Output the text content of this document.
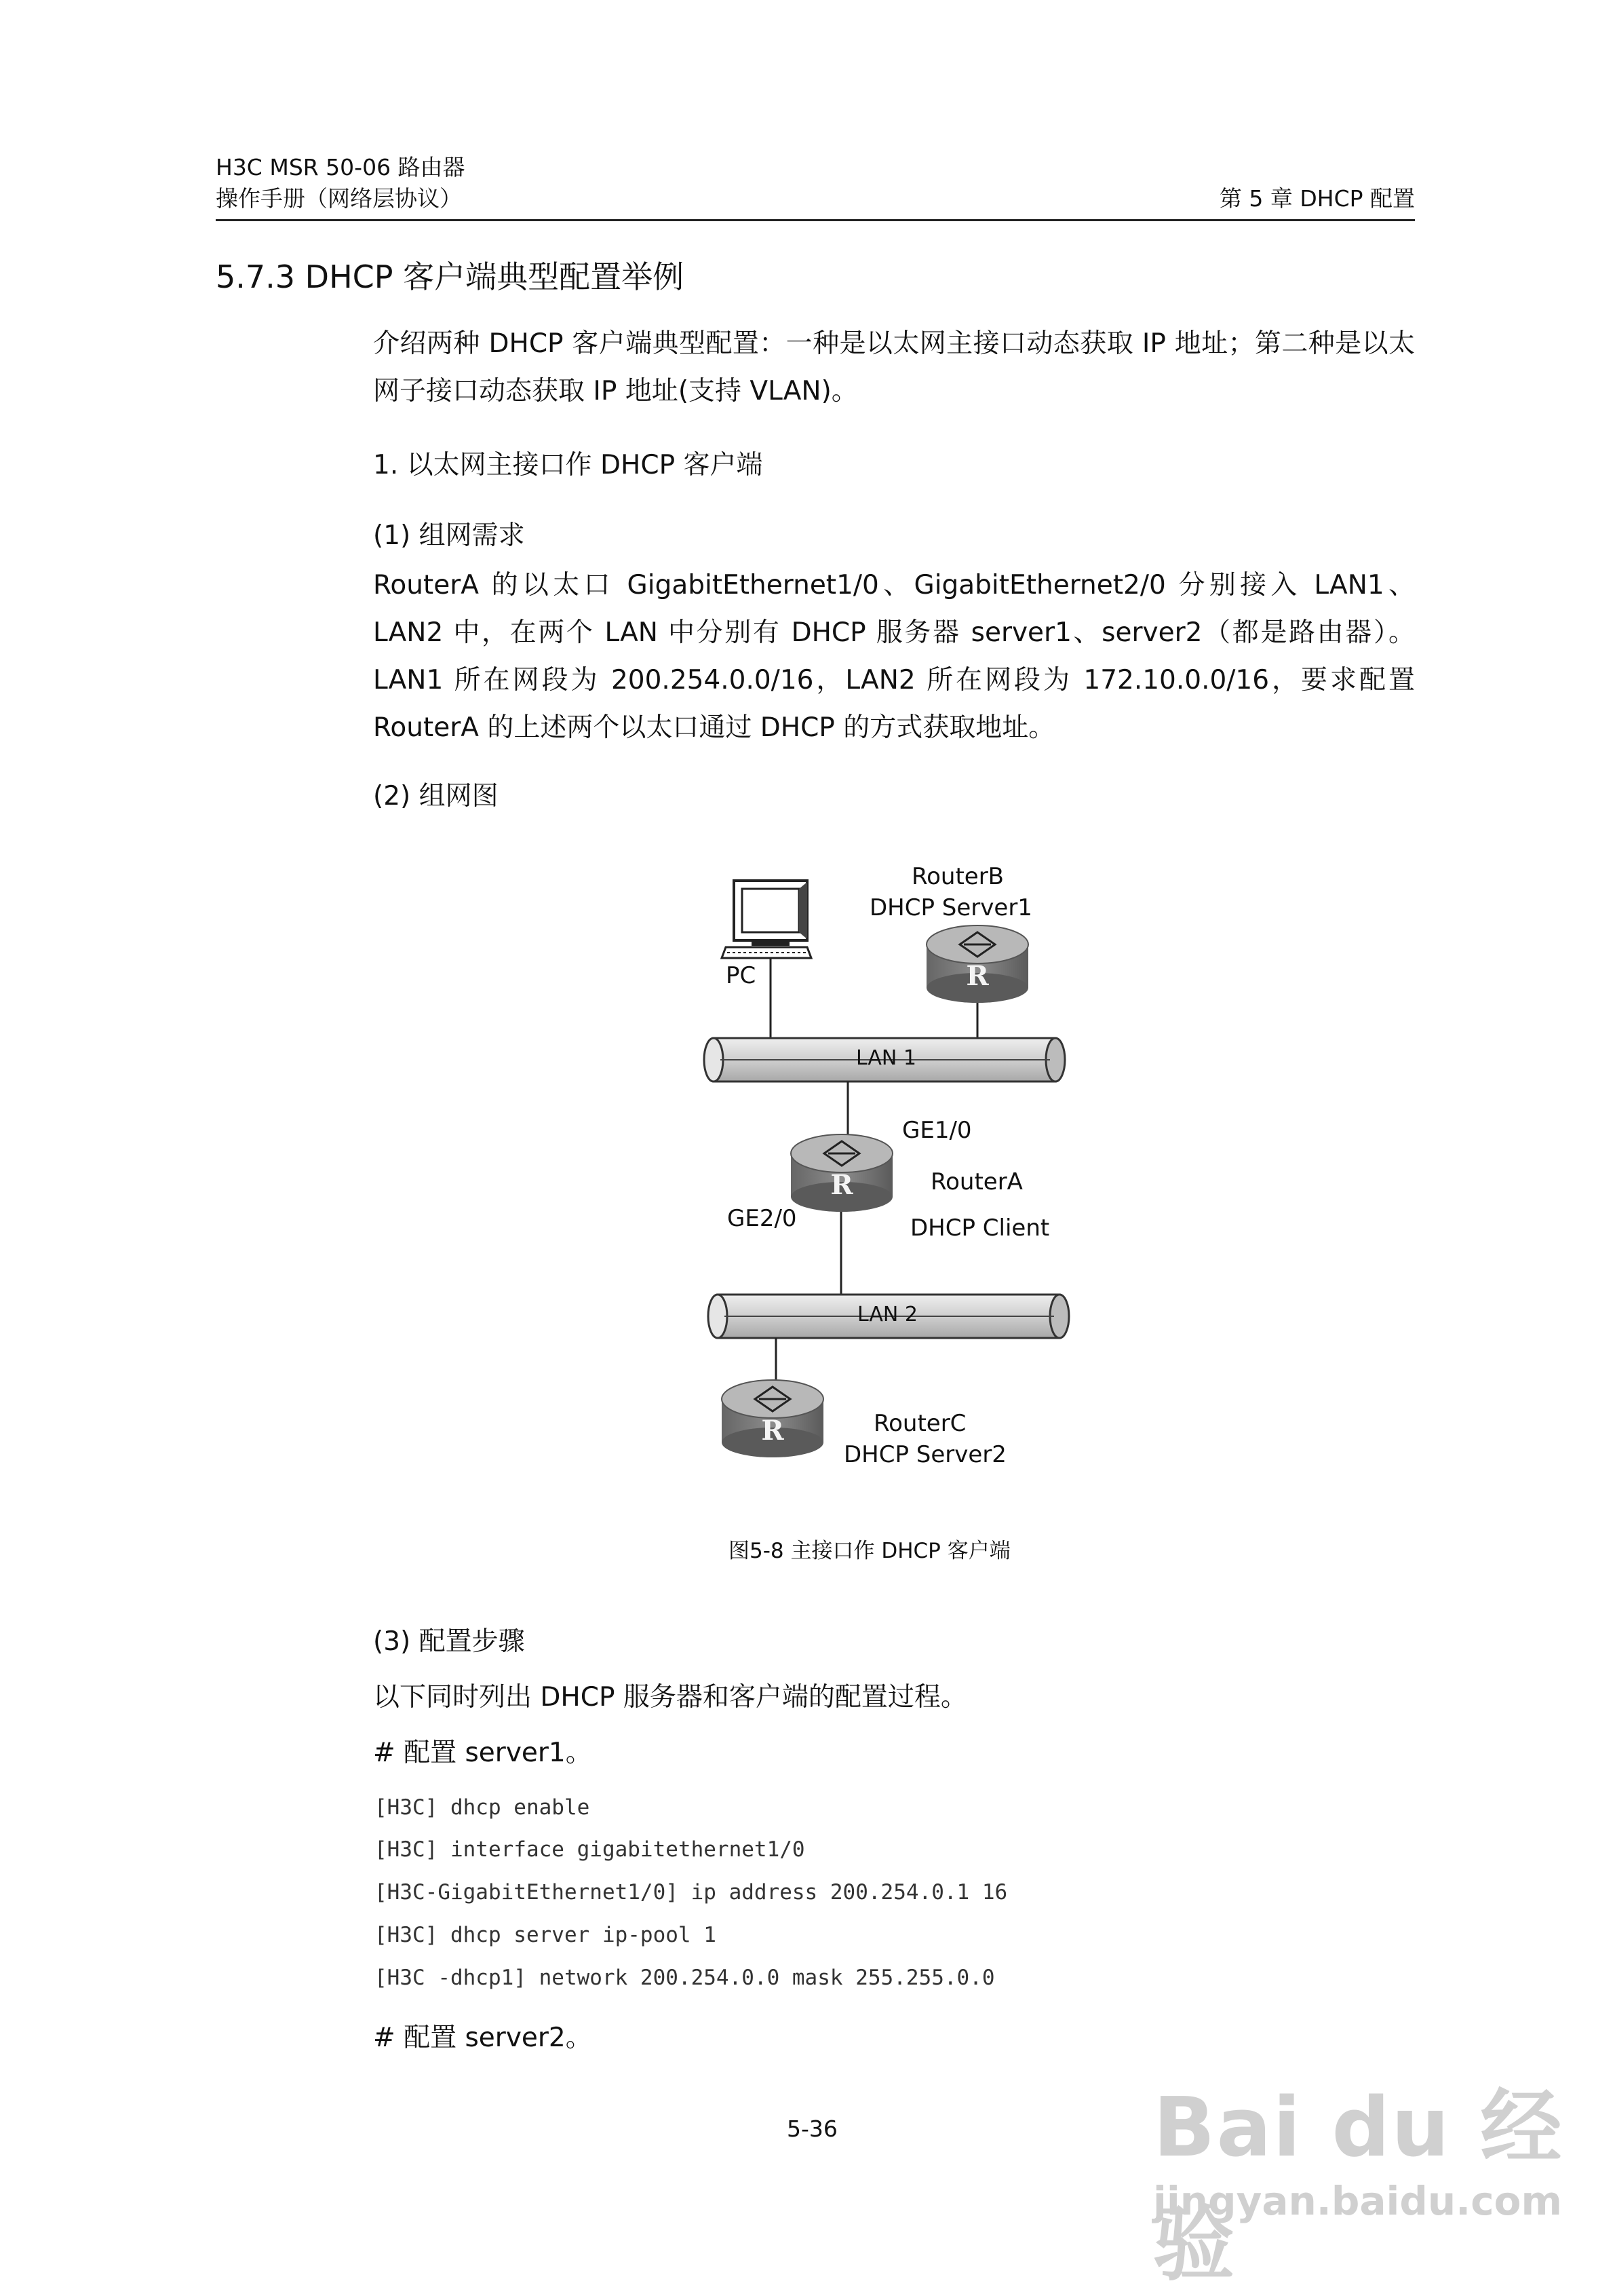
H3C MSR 50-06 路由器
操作手册（网络层协议）	第 5 章 DHCP 配置
5.7.3 DHCP 客户端典型配置举例
介绍两种 DHCP 客户端典型配置：一种是以太网主接口动态获取 IP 地址；第二种是以太网子接口动态获取 IP 地址(支持 VLAN)。
1. 以太网主接口作 DHCP 客户端
(1) 组网需求
RouterA 的以太口 GigabitEthernet1/0、GigabitEthernet2/0 分别接入 LAN1、LAN2 中，在两个 LAN 中分别有 DHCP 服务器 server1、server2（都是路由器）。LAN1 所在网段为 200.254.0.0/16，LAN2 所在网段为 172.10.0.0/16，要求配置 RouterA 的上述两个以太口通过 DHCP 的方式获取地址。
(2) 组网图
R
R
R
RouterB
DHCP Server1
PC
LAN 1
GE1/0
RouterA
GE2/0	DHCP Client
LAN 2
RouterC
DHCP Server2
图5-8 主接口作 DHCP 客户端
(3) 配置步骤
以下同时列出 DHCP 服务器和客户端的配置过程。
# 配置 server1。
[H3C] dhcp enable
[H3C] interface gigabitethernet1/0
[H3C-GigabitEthernet1/0] ip address 200.254.0.1 16
[H3C] dhcp server ip-pool 1
[H3C -dhcp1] network 200.254.0.0 mask 255.255.0.0
# 配置 server2。
5-36	Bai du 经验
jingyan.baidu.com
